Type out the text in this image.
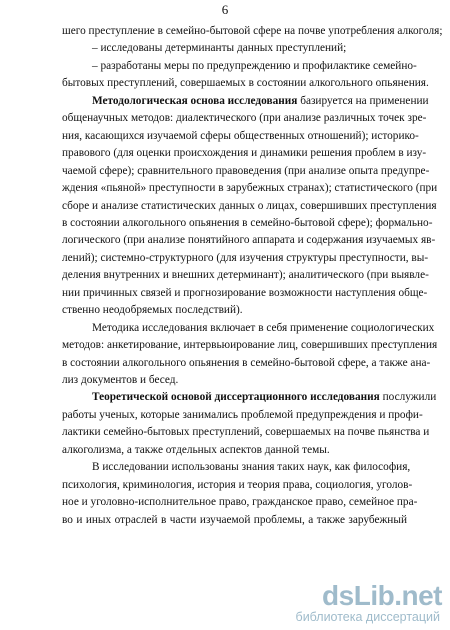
6
шего преступление в семейно-бытовой сфере на почве употребления алкоголя;
– исследованы детерминанты данных преступлений;
– разработаны меры по предупреждению и профилактике семейно-
бытовых преступлений, совершаемых в состоянии алкогольного опьянения.
Методологическая основа исследования базируется на применении
общенаучных методов: диалектического (при анализе различных точек зре-
ния, касающихся изучаемой сферы общественных отношений); историко-
правового (для оценки происхождения и динамики решения проблем в изу-
чаемой сфере); сравнительного правоведения (при анализе опыта предупре-
ждения «пьяной» преступности в зарубежных странах); статистического (при
сборе и анализе статистических данных о лицах, совершивших преступления
в состоянии алкогольного опьянения в семейно-бытовой сфере); формально-
логического (при анализе понятийного аппарата и содержания изучаемых яв-
лений); системно-структурного (для изучения структуры преступности, вы-
деления внутренних и внешних детерминант); аналитического (при выявле-
нии причинных связей и прогнозирование возможности наступления обще-
ственно неодобряемых последствий).
Методика исследования включает в себя применение социологических
методов: анкетирование, интервьюирование лиц, совершивших преступления
в состоянии алкогольного опьянения в семейно-бытовой сфере, а также ана-
лиз документов и бесед.
Теоретической основой диссертационного исследования послужили
работы ученых, которые занимались проблемой предупреждения и профи-
лактики семейно-бытовых преступлений, совершаемых на почве пьянства и
алкоголизма, а также отдельных аспектов данной темы.
В исследовании использованы знания таких наук, как философия,
психология, криминология, история и теория права, социология, уголов-
ное и уголовно-исполнительное право, гражданское право, семейное пра-
во и иных отраслей в части изучаемой проблемы, а также зарубежный
dsLib.net
библиотека диссертаций
